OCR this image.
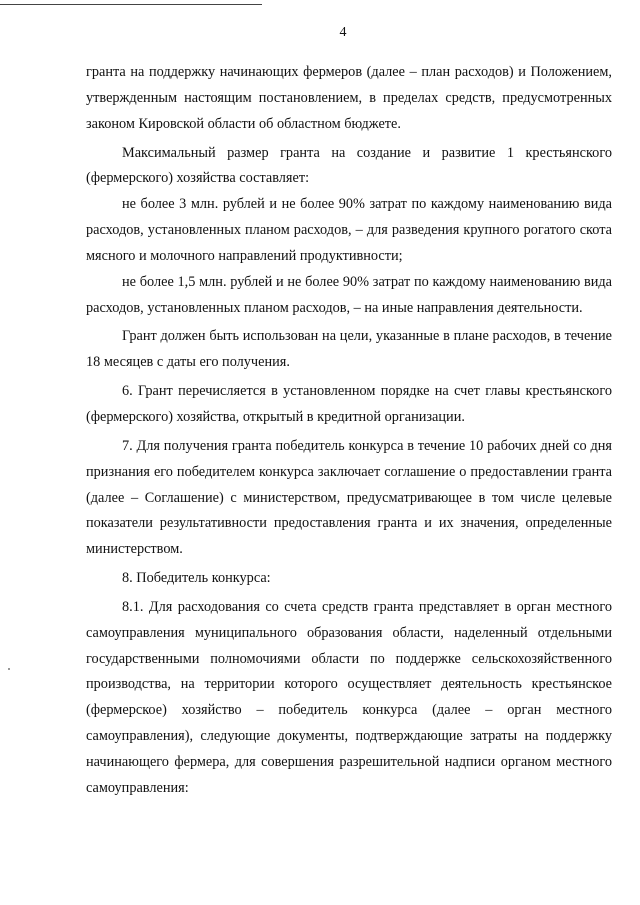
4

гранта на поддержку начинающих фермеров (далее – план расходов) и Положением, утвержденным настоящим постановлением, в пределах средств, предусмотренных законом Кировской области об областном бюджете.

Максимальный размер гранта на создание и развитие 1 крестьянского (фермерского) хозяйства составляет:

не более 3 млн. рублей и не более 90% затрат по каждому наименованию вида расходов, установленных планом расходов, – для разведения крупного рогатого скота мясного и молочного направлений продуктивности;

не более 1,5 млн. рублей и не более 90% затрат по каждому наименованию вида расходов, установленных планом расходов, – на иные направления деятельности.

Грант должен быть использован на цели, указанные в плане расходов, в течение 18 месяцев с даты его получения.

6. Грант перечисляется в установленном порядке на счет главы крестьянского (фермерского) хозяйства, открытый в кредитной организации.

7. Для получения гранта победитель конкурса в течение 10 рабочих дней со дня признания его победителем конкурса заключает соглашение о предоставлении гранта (далее – Соглашение) с министерством, предусматривающее в том числе целевые показатели результативности предоставления гранта и их значения, определенные министерством.

8. Победитель конкурса:

8.1. Для расходования со счета средств гранта представляет в орган местного самоуправления муниципального образования области, наделенный отдельными государственными полномочиями области по поддержке сельскохозяйственного производства, на территории которого осуществляет деятельность крестьянское (фермерское) хозяйство – победитель конкурса (далее – орган местного самоуправления), следующие документы, подтверждающие затраты на поддержку начинающего фермера, для совершения разрешительной надписи органом местного самоуправления:
